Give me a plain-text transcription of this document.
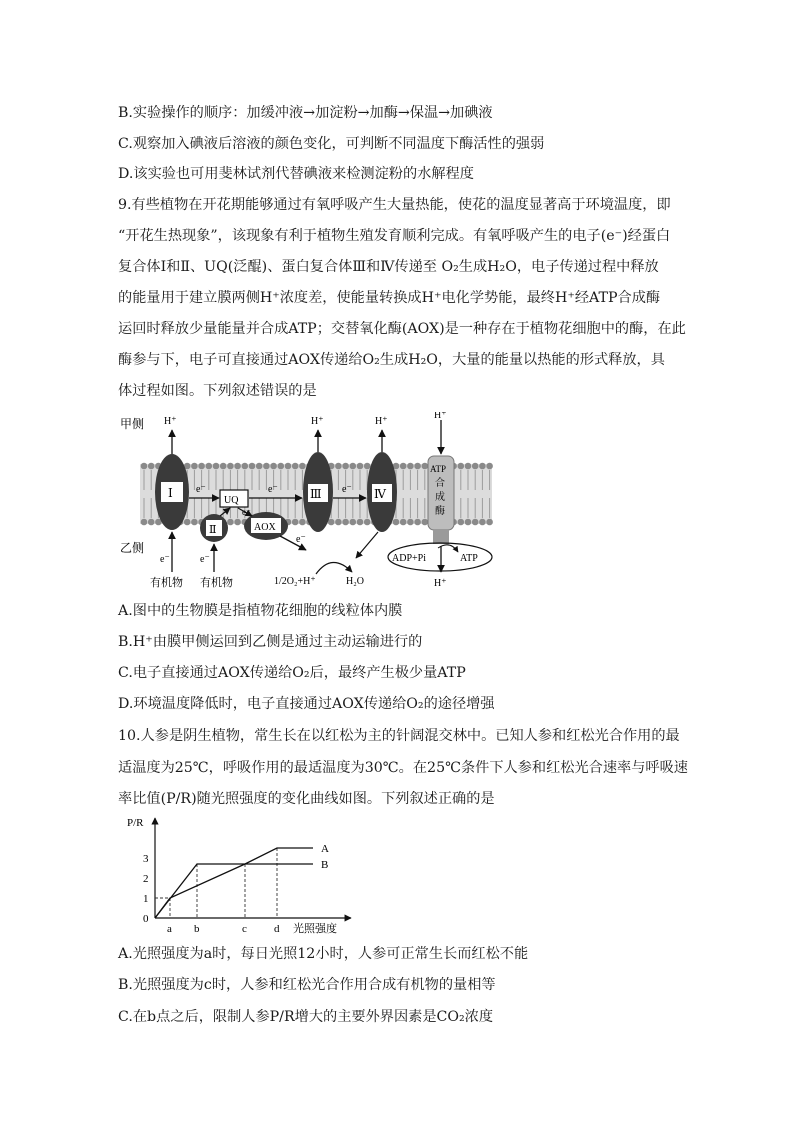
B.实验操作的顺序：加缓冲液→加淀粉→加酶→保温→加碘液
C.观察加入碘液后溶液的颜色变化，可判断不同温度下酶活性的强弱
D.该实验也可用斐林试剂代替碘液来检测淀粉的水解程度
9.有些植物在开花期能够通过有氧呼吸产生大量热能，使花的温度显著高于环境温度，即
“开花生热现象”，该现象有利于植物生殖发育顺利完成。有氧呼吸产生的电子(e⁻)经蛋白
复合体Ⅰ和Ⅱ、UQ(泛醌)、蛋白复合体Ⅲ和Ⅳ传递至 O₂生成H₂O，电子传递过程中释放
的能量用于建立膜两侧H⁺浓度差，使能量转换成H⁺电化学势能，最终H⁺经ATP合成酶
运回时释放少量能量并合成ATP；交替氧化酶(AOX)是一种存在于植物花细胞中的酶，在此
酶参与下，电子可直接通过AOX传递给O₂生成H₂O，大量的能量以热能的形式释放，具
体过程如图。下列叙述错误的是
甲侧
乙侧
Ⅰ
H⁺
有机物
Ⅱ
有机物
e⁻
UQ
e⁻
e⁻
AOX
e⁻
e⁻
Ⅲ
e⁻
H⁺
Ⅳ
e⁻
H⁺
1/2O₂+H⁺	H₂O
ATP
合
成
酶
H⁺
H⁺
ADP+Pi	ATP
A.图中的生物膜是指植物花细胞的线粒体内膜
B.H⁺由膜甲侧运回到乙侧是通过主动运输进行的
C.电子直接通过AOX传递给O₂后，最终产生极少量ATP
D.环境温度降低时，电子直接通过AOX传递给O₂的途径增强
10.人参是阴生植物，常生长在以红松为主的针阔混交林中。已知人参和红松光合作用的最
适温度为25℃，呼吸作用的最适温度为30℃。在25℃条件下人参和红松光合速率与呼吸速
率比值(P/R)随光照强度的变化曲线如图。下列叙述正确的是
P/R
光照强度
0
1
2
3
a b	c d
A
B
A.光照强度为a时，每日光照12小时，人参可正常生长而红松不能
B.光照强度为c时，人参和红松光合作用合成有机物的量相等
C.在b点之后，限制人参P/R增大的主要外界因素是CO₂浓度
